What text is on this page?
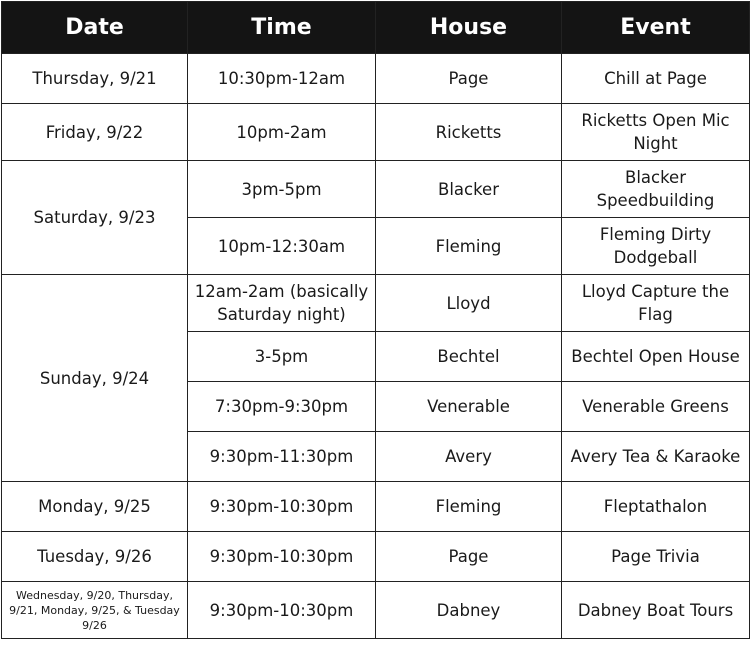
Date	Time	House	Event
Thursday, 9/21	10:30pm-12am	Page	Chill at Page
Friday, 9/22	10pm-2am	Ricketts	Ricketts Open Mic Night
Saturday, 9/23	3pm-5pm	Blacker	Blacker Speedbuilding
	10pm-12:30am	Fleming	Fleming Dirty Dodgeball
Sunday, 9/24	12am-2am (basically Saturday night)	Lloyd	Lloyd Capture the Flag
	3-5pm	Bechtel	Bechtel Open House
	7:30pm-9:30pm	Venerable	Venerable Greens
	9:30pm-11:30pm	Avery	Avery Tea & Karaoke
Monday, 9/25	9:30pm-10:30pm	Fleming	Fleptathalon
Tuesday, 9/26	9:30pm-10:30pm	Page	Page Trivia
Wednesday, 9/20, Thursday, 9/21, Monday, 9/25, & Tuesday 9/26	9:30pm-10:30pm	Dabney	Dabney Boat Tours
